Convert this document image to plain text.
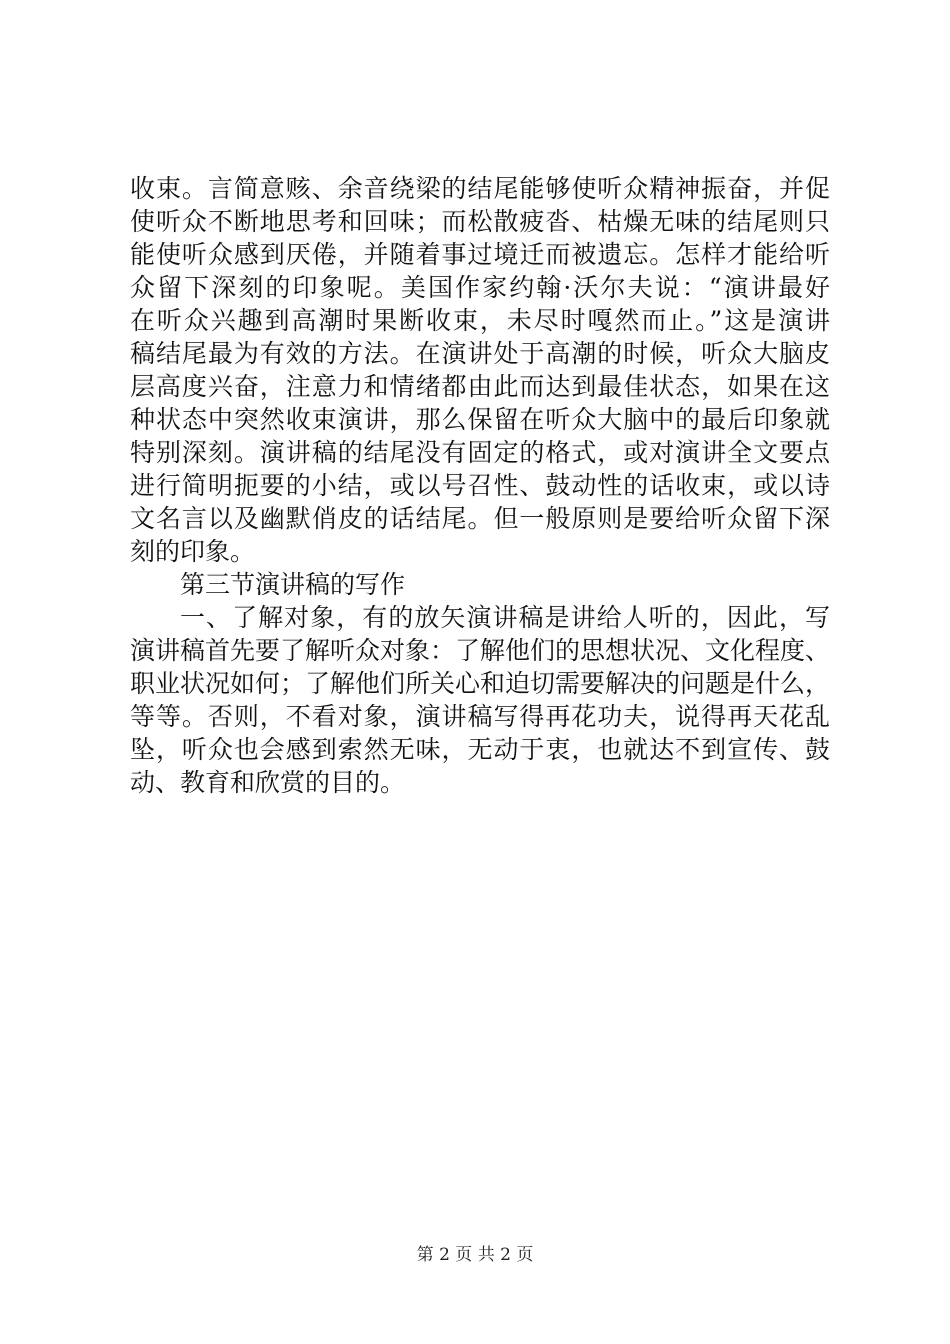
收束。言简意赅、余音绕梁的结尾能够使听众精神振奋，并促
使听众不断地思考和回味；而松散疲沓、枯燥无味的结尾则只
能使听众感到厌倦，并随着事过境迁而被遗忘。怎样才能给听
众留下深刻的印象呢。美国作家约翰·沃尔夫说：“演讲最好
在听众兴趣到高潮时果断收束，未尽时嘎然而止。”这是演讲
稿结尾最为有效的方法。在演讲处于高潮的时候，听众大脑皮
层高度兴奋，注意力和情绪都由此而达到最佳状态，如果在这
种状态中突然收束演讲，那么保留在听众大脑中的最后印象就
特别深刻。演讲稿的结尾没有固定的格式，或对演讲全文要点
进行简明扼要的小结，或以号召性、鼓动性的话收束，或以诗
文名言以及幽默俏皮的话结尾。但一般原则是要给听众留下深
刻的印象。
第三节演讲稿的写作
一、了解对象，有的放矢演讲稿是讲给人听的，因此，写
演讲稿首先要了解听众对象：了解他们的思想状况、文化程度、
职业状况如何；了解他们所关心和迫切需要解决的问题是什么，
等等。否则，不看对象，演讲稿写得再花功夫，说得再天花乱
坠，听众也会感到索然无味，无动于衷，也就达不到宣传、鼓
动、教育和欣赏的目的。
第 2 页 共 2 页
